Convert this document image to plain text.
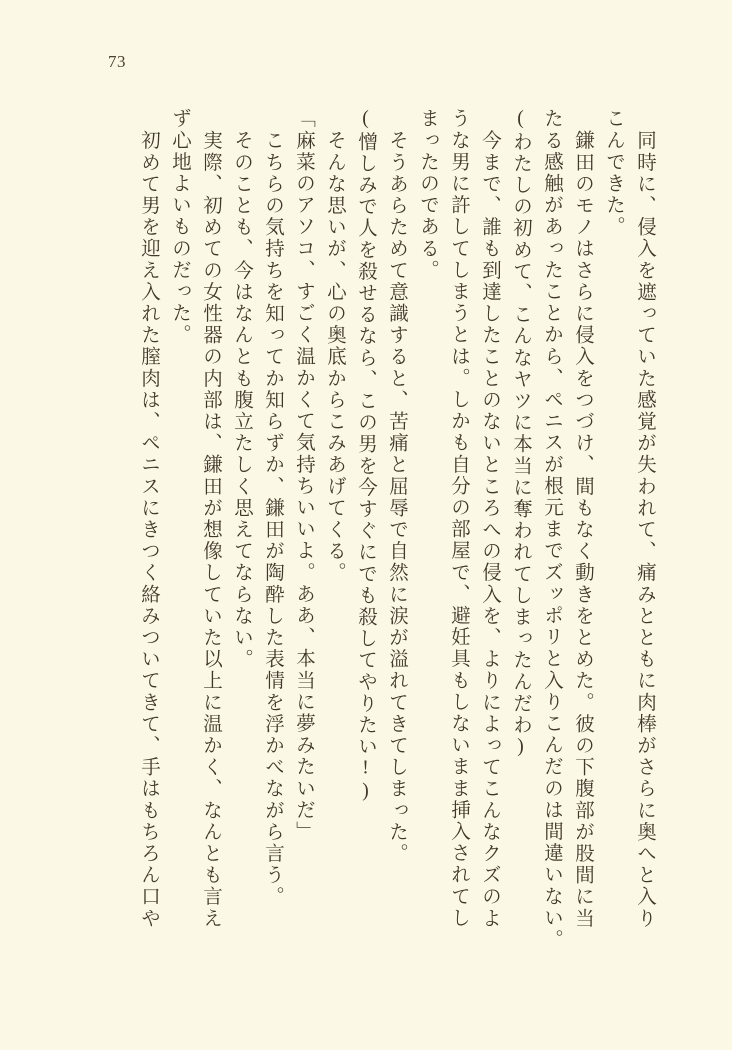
73
同時に、侵入を遮っていた感覚が失われて、痛みとともに肉棒がさらに奥へと入り
こんできた。
鎌田のモノはさらに侵入をつづけ、間もなく動きをとめた。彼の下腹部が股間に当
たる感触があったことから、ペニスが根元までズッポリと入りこんだのは間違いない。
(わたしの初めて、こんなヤツに本当に奪われてしまったんだわ)
今まで、誰も到達したことのないところへの侵入を、よりによってこんなクズのよ
うな男に許してしまうとは。しかも自分の部屋で、避妊具もしないまま挿入されてし
まったのである。
そうあらためて意識すると、苦痛と屈辱で自然に涙が溢れてきてしまった。
(憎しみで人を殺せるなら、この男を今すぐにでも殺してやりたい!)
そんな思いが、心の奥底からこみあげてくる。
「麻菜のアソコ、すごく温かくて気持ちいいよ。ああ、本当に夢みたいだ」
こちらの気持ちを知ってか知らずか、鎌田が陶酔した表情を浮かべながら言う。
そのことも、今はなんとも腹立たしく思えてならない。
実際、初めての女性器の内部は、鎌田が想像していた以上に温かく、なんとも言え
ず心地よいものだった。
初めて男を迎え入れた膣肉は、ペニスにきつく絡みついてきて、手はもちろん口や
